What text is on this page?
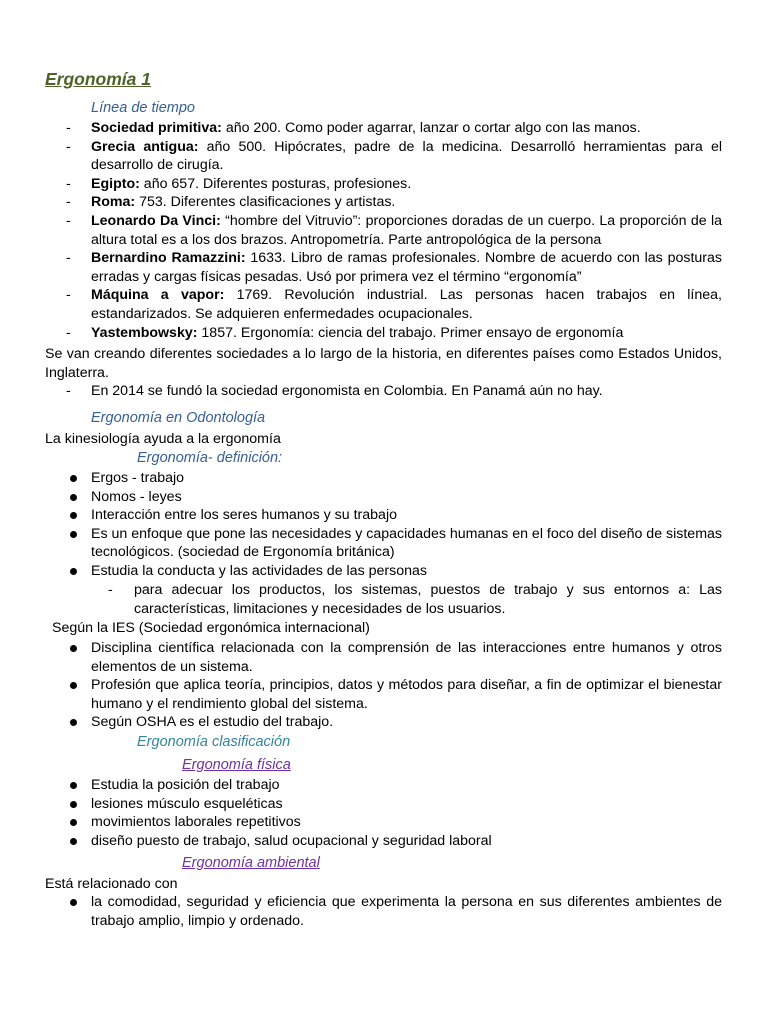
Ergonomía 1

Línea de tiempo

- Sociedad primitiva: año 200. Como poder agarrar, lanzar o cortar algo con las manos.
- Grecia antigua: año 500. Hipócrates, padre de la medicina. Desarrolló herramientas para el desarrollo de cirugía.
- Egipto: año 657. Diferentes posturas, profesiones.
- Roma: 753. Diferentes clasificaciones y artistas.
- Leonardo Da Vinci: “hombre del Vitruvio”: proporciones doradas de un cuerpo. La proporción de la altura total es a los dos brazos. Antropometría. Parte antropológica de la persona
- Bernardino Ramazzini: 1633. Libro de ramas profesionales. Nombre de acuerdo con las posturas erradas y cargas físicas pesadas. Usó por primera vez el término “ergonomía”
- Máquina a vapor: 1769. Revolución industrial. Las personas hacen trabajos en línea, estandarizados. Se adquieren enfermedades ocupacionales.
- Yastembowsky: 1857. Ergonomía: ciencia del trabajo. Primer ensayo de ergonomía

Se van creando diferentes sociedades a lo largo de la historia, en diferentes países como Estados Unidos, Inglaterra.

- En 2014 se fundó la sociedad ergonomista en Colombia. En Panamá aún no hay.

Ergonomía en Odontología

La kinesiología ayuda a la ergonomía

Ergonomía- definición:

Ergos - trabajo
Nomos - leyes
Interacción entre los seres humanos y su trabajo
Es un enfoque que pone las necesidades y capacidades humanas en el foco del diseño de sistemas tecnológicos. (sociedad de Ergonomía británica)
Estudia la conducta y las actividades de las personas
- para adecuar los productos, los sistemas, puestos de trabajo y sus entornos a: Las características, limitaciones y necesidades de los usuarios.

Según la IES (Sociedad ergonómica internacional)

Disciplina científica relacionada con la comprensión de las interacciones entre humanos y otros elementos de un sistema.
Profesión que aplica teoría, principios, datos y métodos para diseñar, a fin de optimizar el bienestar humano y el rendimiento global del sistema.
Según OSHA es el estudio del trabajo.

Ergonomía clasificación

Ergonomía física

Estudia la posición del trabajo
lesiones músculo esqueléticas
movimientos laborales repetitivos
diseño puesto de trabajo, salud ocupacional y seguridad laboral

Ergonomía ambiental

Está relacionado con

la comodidad, seguridad y eficiencia que experimenta la persona en sus diferentes ambientes de trabajo amplio, limpio y ordenado.
